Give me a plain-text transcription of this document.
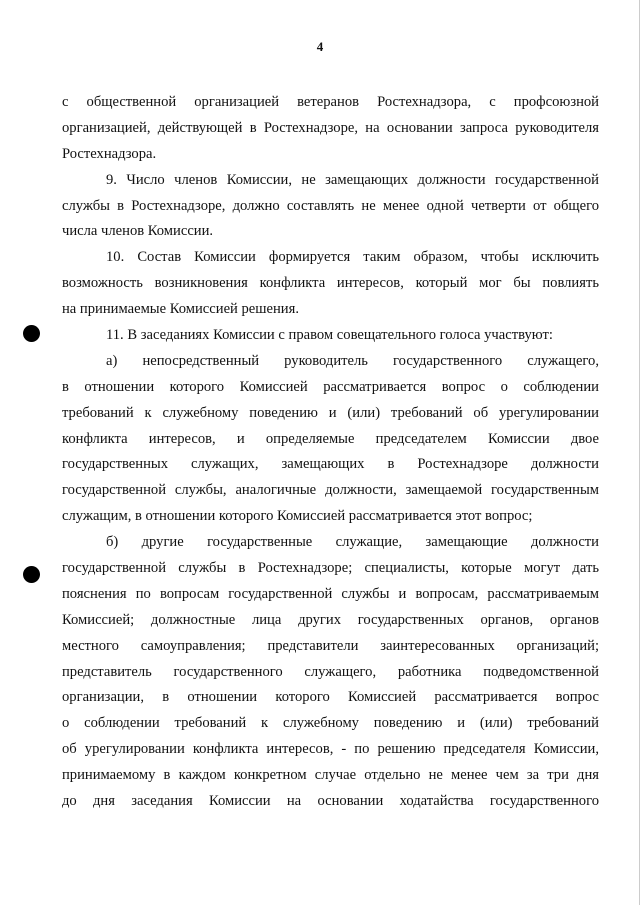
4
с общественной организацией ветеранов Ростехнадзора, с профсоюзной
организацией, действующей в Ростехнадзоре, на основании запроса руководителя
Ростехнадзора.
9. Число членов Комиссии, не замещающих должности государственной
службы в Ростехнадзоре, должно составлять не менее одной четверти от общего
числа членов Комиссии.
10. Состав Комиссии формируется таким образом, чтобы исключить
возможность возникновения конфликта интересов, который мог бы повлиять
на принимаемые Комиссией решения.
11. В заседаниях Комиссии с правом совещательного голоса участвуют:
а) непосредственный руководитель государственного служащего,
в отношении которого Комиссией рассматривается вопрос о соблюдении
требований к служебному поведению и (или) требований об урегулировании
конфликта интересов, и определяемые председателем Комиссии двое
государственных служащих, замещающих в Ростехнадзоре должности
государственной службы, аналогичные должности, замещаемой государственным
служащим, в отношении которого Комиссией рассматривается этот вопрос;
б) другие государственные служащие, замещающие должности
государственной службы в Ростехнадзоре; специалисты, которые могут дать
пояснения по вопросам государственной службы и вопросам, рассматриваемым
Комиссией; должностные лица других государственных органов, органов
местного самоуправления; представители заинтересованных организаций;
представитель государственного служащего, работника подведомственной
организации, в отношении которого Комиссией рассматривается вопрос
о соблюдении требований к служебному поведению и (или) требований
об урегулировании конфликта интересов, - по решению председателя Комиссии,
принимаемому в каждом конкретном случае отдельно не менее чем за три дня
до дня заседания Комиссии на основании ходатайства государственного
